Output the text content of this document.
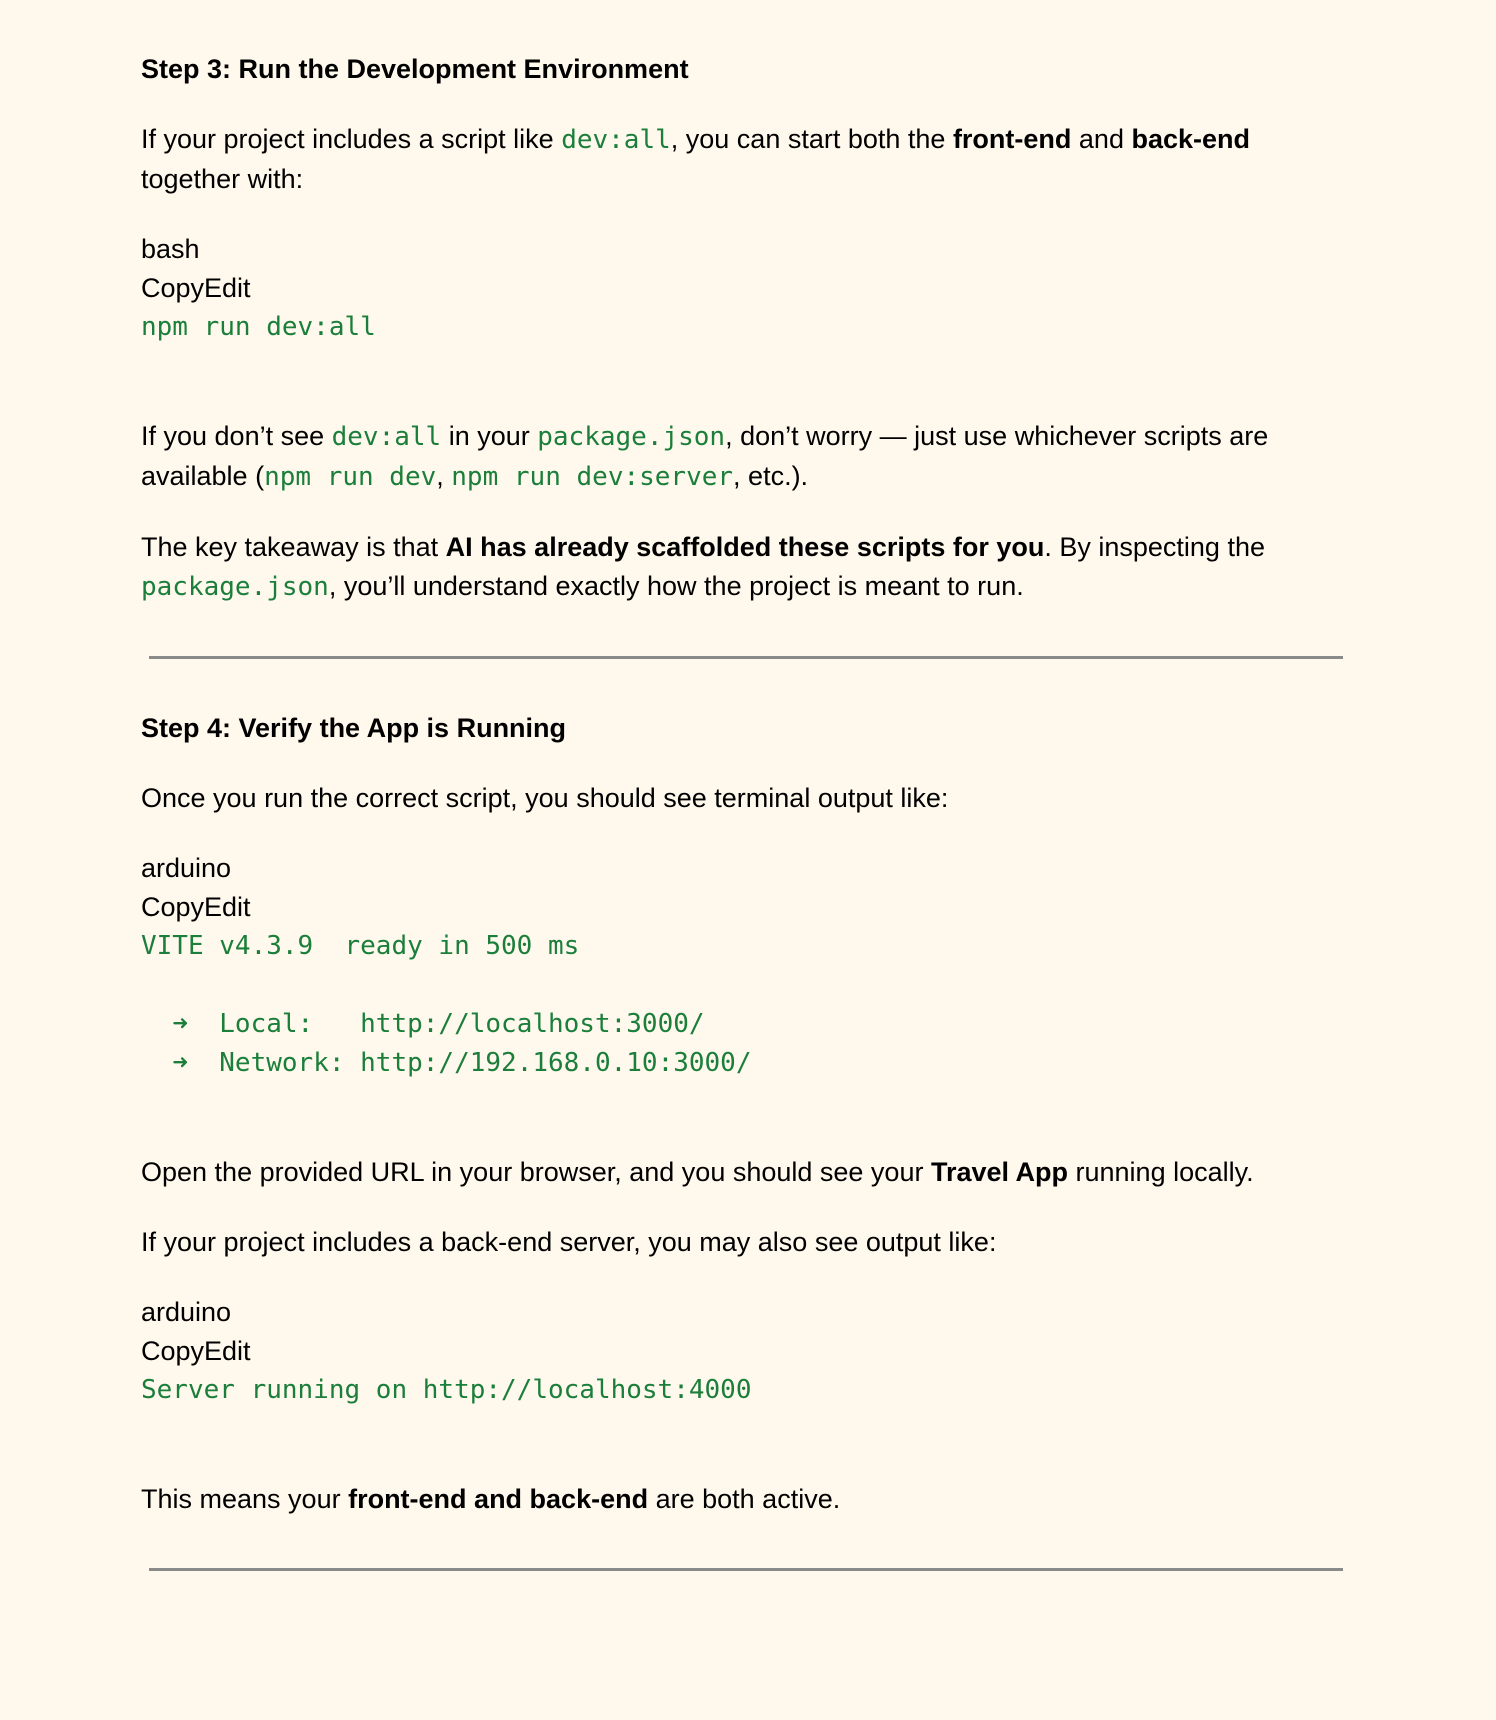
Step 3: Run the Development Environment

If your project includes a script like dev:all, you can start both the front-end and back-end together with:

bash
CopyEdit
npm run dev:all

If you don’t see dev:all in your package.json, don’t worry — just use whichever scripts are available (npm run dev, npm run dev:server, etc.).

The key takeaway is that AI has already scaffolded these scripts for you. By inspecting the package.json, you’ll understand exactly how the project is meant to run.

Step 4: Verify the App is Running

Once you run the correct script, you should see terminal output like:

arduino
CopyEdit
VITE v4.3.9  ready in 500 ms

➜  Local:   http://localhost:3000/
➜  Network: http://192.168.0.10:3000/

Open the provided URL in your browser, and you should see your Travel App running locally.

If your project includes a back-end server, you may also see output like:

arduino
CopyEdit
Server running on http://localhost:4000

This means your front-end and back-end are both active.
